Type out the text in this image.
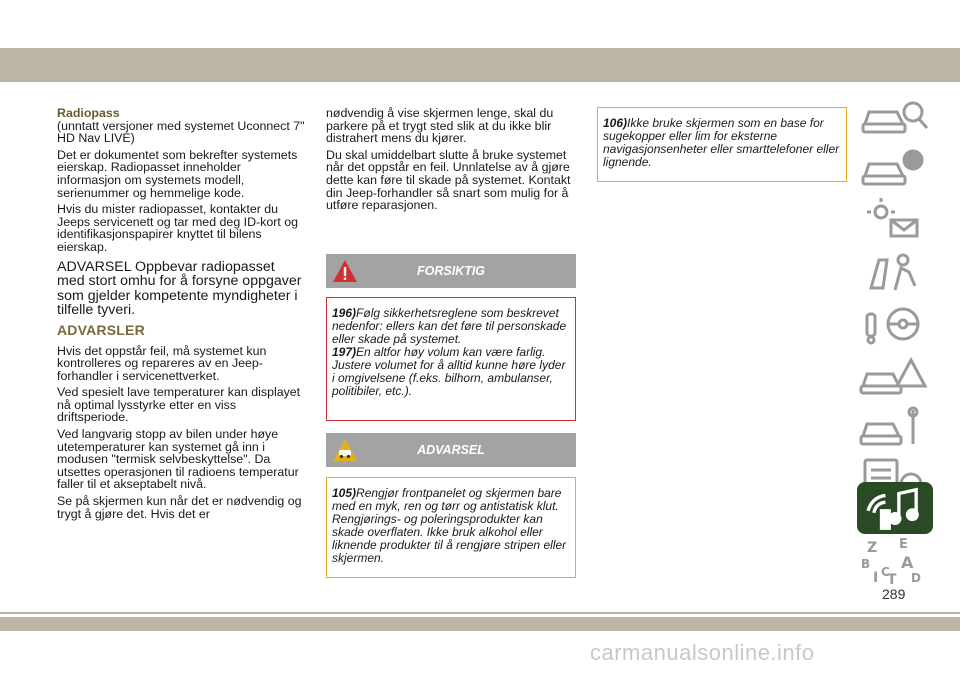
Radiopass

(unntatt versjoner med systemet Uconnect 7" HD Nav LIVE)

Det er dokumentet som bekrefter systemets eierskap. Radiopasset inneholder informasjon om systemets modell, serienummer og hemmelige kode.

Hvis du mister radiopasset, kontakter du Jeeps servicenett og tar med deg ID-kort og identifikasjonspapirer knyttet til bilens eierskap.

ADVARSEL Oppbevar radiopasset med stort omhu for å forsyne oppgaver som gjelder kompetente myndigheter i tilfelle tyveri.

ADVARSLER

Hvis det oppstår feil, må systemet kun kontrolleres og repareres av en Jeep-forhandler i servicenettverket.

Ved spesielt lave temperaturer kan displayet nå optimal lysstyrke etter en viss driftsperiode.

Ved langvarig stopp av bilen under høye utetemperaturer kan systemet gå inn i modusen "termisk selvbeskyttelse". Da utsettes operasjonen til radioens temperatur faller til et akseptabelt nivå.

Se på skjermen kun når det er nødvendig og trygt å gjøre det. Hvis det er

nødvendig å vise skjermen lenge, skal du parkere på et trygt sted slik at du ikke blir distrahert mens du kjører.

Du skal umiddelbart slutte å bruke systemet når det oppstår en feil. Unnlatelse av å gjøre dette kan føre til skade på systemet. Kontakt din Jeep-forhandler så snart som mulig for å utføre reparasjonen.

FORSIKTIG

196)Følg sikkerhetsreglene som beskrevet nedenfor: ellers kan det føre til personskade eller skade på systemet.

197)En altfor høy volum kan være farlig. Justere volumet for å alltid kunne høre lyder i omgivelsene (f.eks. bilhorn, ambulanser, politibiler, etc.).

ADVARSEL

105)Rengjør frontpanelet og skjermen bare med en myk, ren og tørr og antistatisk klut. Rengjørings- og poleringsprodukter kan skade overflaten. Ikke bruk alkohol eller liknende produkter til å rengjøre stripen eller skjermen.

106)Ikke bruke skjermen som en base for sugekopper eller lim for eksterne navigasjonsenheter eller smarttelefoner eller lignende.

Z E
B A
I C
T D
289
carmanualsonline.info
